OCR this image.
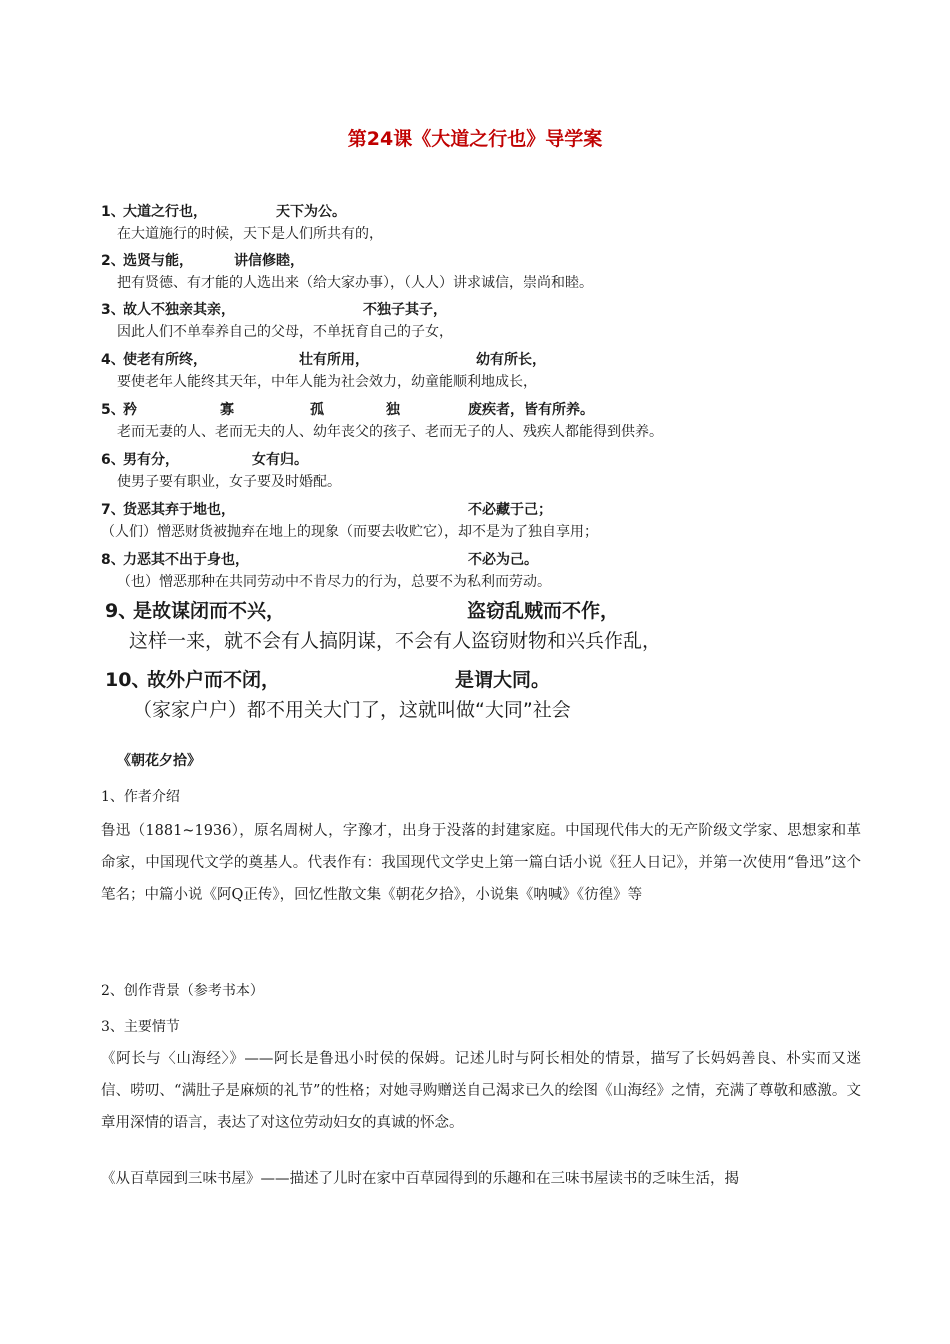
第24课《大道之行也》导学案
1、
大道之行也，	天下为公。
在大道施行的时候，天下是人们所共有的，
2、
选贤与能，	讲信修睦，
把有贤德、有才能的人选出来（给大家办事），（人人）讲求诚信，崇尚和睦。
3、
故人不独亲其亲，	不独子其子，
因此人们不单奉养自己的父母，不单抚育自己的子女，
4、
使老有所终，	壮有所用，	幼有所长，
要使老年人能终其天年，中年人能为社会效力，幼童能顺利地成长，
5、
矜	寡	孤	独	废疾者，皆有所养。
老而无妻的人、老而无夫的人、幼年丧父的孩子、老而无子的人、残疾人都能得到供养。
6、
男有分，	女有归。
使男子要有职业，女子要及时婚配。
7、
货恶其弃于地也，	不必藏于己；
（人们）憎恶财货被抛弃在地上的现象（而要去收贮它），却不是为了独自享用；
8、
力恶其不出于身也，	不必为己。
（也）憎恶那种在共同劳动中不肯尽力的行为，总要不为私利而劳动。
9、
是故谋闭而不兴，	盗窃乱贼而不作，
这样一来，就不会有人搞阴谋，不会有人盗窃财物和兴兵作乱，
10、
故外户而不闭，	是谓大同。
（家家户户）都不用关大门了，这就叫做“大同”社会
《朝花夕拾》
1、作者介绍
鲁迅（1881~1936），原名周树人，字豫才，出身于没落的封建家庭。中国现代伟大的无产阶级文学家、思想家和革命家，中国现代文学的奠基人。代表作有：我国现代文学史上第一篇白话小说《狂人日记》，并第一次使用“鲁迅”这个笔名；中篇小说《阿Q正传》，回忆性散文集《朝花夕拾》，小说集《呐喊》《彷徨》等
2、创作背景（参考书本）
3、主要情节
《阿长与〈山海经〉》——阿长是鲁迅小时侯的保姆。记述儿时与阿长相处的情景，描写了长妈妈善良、朴实而又迷信、唠叨、“满肚子是麻烦的礼节”的性格；对她寻购赠送自己渴求已久的绘图《山海经》之情，充满了尊敬和感激。文章用深情的语言，表达了对这位劳动妇女的真诚的怀念。
《从百草园到三味书屋》——描述了儿时在家中百草园得到的乐趣和在三味书屋读书的乏味生活，揭
